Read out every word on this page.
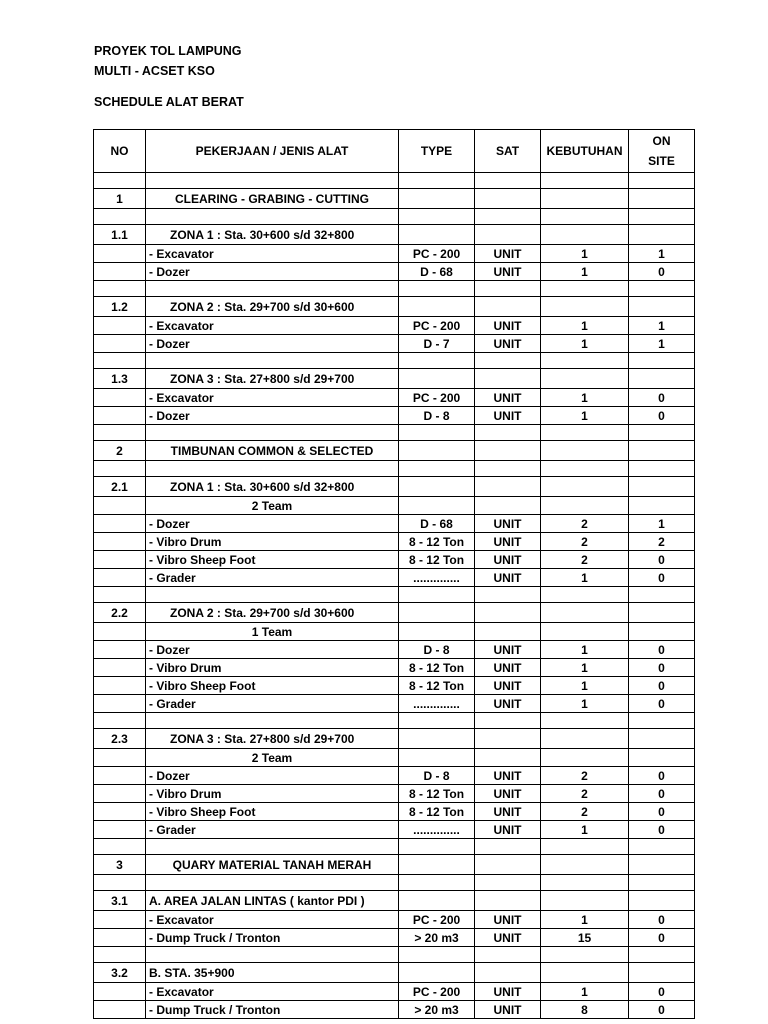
PROYEK TOL LAMPUNG
MULTI - ACSET KSO
SCHEDULE ALAT BERAT
NO	PEKERJAAN / JENIS ALAT	TYPE	SAT	KEBUTUHAN	ON SITE

1	CLEARING - GRABING - CUTTING				

1.1	ZONA 1 : Sta. 30+600 s/d 32+800				
	- Excavator	PC - 200	UNIT	1	1
	- Dozer	D - 68	UNIT	1	0

1.2	ZONA 2 : Sta. 29+700 s/d 30+600				
	- Excavator	PC - 200	UNIT	1	1
	- Dozer	D - 7	UNIT	1	1

1.3	ZONA 3 : Sta. 27+800 s/d 29+700				
	- Excavator	PC - 200	UNIT	1	0
	- Dozer	D - 8	UNIT	1	0

2	TIMBUNAN COMMON & SELECTED				

2.1	ZONA 1 : Sta. 30+600 s/d 32+800				
	2 Team				
	- Dozer	D - 68	UNIT	2	1
	- Vibro Drum	8 - 12 Ton	UNIT	2	2
	- Vibro Sheep Foot	8 - 12 Ton	UNIT	2	0
	- Grader	..............	UNIT	1	0

2.2	ZONA 2 : Sta. 29+700 s/d 30+600				
	1 Team				
	- Dozer	D - 8	UNIT	1	0
	- Vibro Drum	8 - 12 Ton	UNIT	1	0
	- Vibro Sheep Foot	8 - 12 Ton	UNIT	1	0
	- Grader	..............	UNIT	1	0

2.3	ZONA 3 : Sta. 27+800 s/d 29+700				
	2 Team				
	- Dozer	D - 8	UNIT	2	0
	- Vibro Drum	8 - 12 Ton	UNIT	2	0
	- Vibro Sheep Foot	8 - 12 Ton	UNIT	2	0
	- Grader	..............	UNIT	1	0

3	QUARY MATERIAL TANAH MERAH				

3.1	A. AREA JALAN LINTAS ( kantor PDI )				
	- Excavator	PC - 200	UNIT	1	0
	- Dump Truck / Tronton	> 20 m3	UNIT	15	0

3.2	B. STA. 35+900				
	- Excavator	PC - 200	UNIT	1	0
	- Dump Truck / Tronton	> 20 m3	UNIT	8	0
